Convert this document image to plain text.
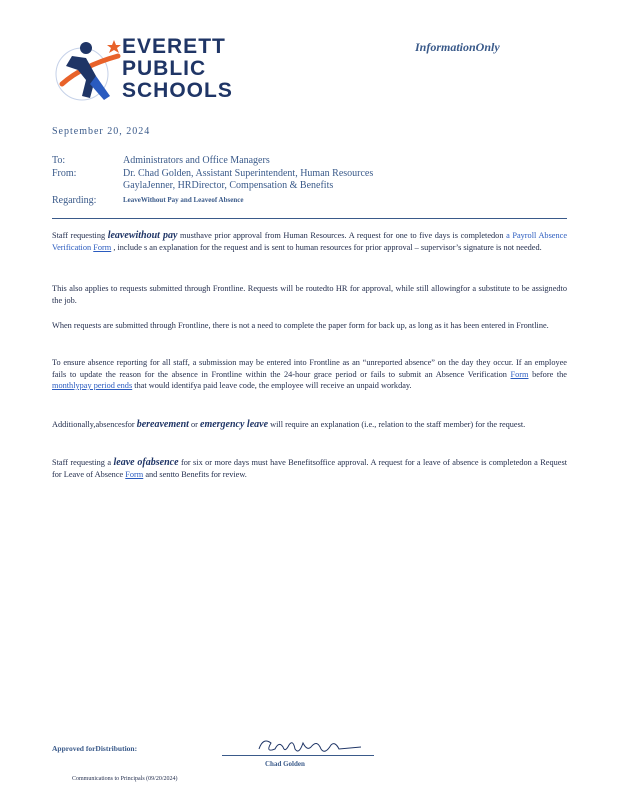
EVERETT
PUBLIC
SCHOOLS
InformationOnly
September 20, 2024
To:	Administrators and Office Managers
From:	Dr. Chad Golden, Assistant Superintendent, Human Resources
GaylaJenner, HRDirector, Compensation & Benefits
Regarding:	LeaveWithout Pay and Leaveof Absence
Staff requesting leavewithout pay musthave prior approval from Human Resources. A request for one to five days is completedon a Payroll Absence Verification Form , include s an explanation for the request and is sent to human resources for prior approval – supervisor’s signature is not needed.
This also applies to requests submitted through Frontline. Requests will be routedto HR for approval, while still allowingfor a substitute to be assignedto the job.
When requests are submitted through Frontline, there is not a need to complete the paper form for back up, as long as it has been entered in Frontline.
To ensure absence reporting for all staff, a submission may be entered into Frontline as an “unreported absence” on the day they occur. If an employee fails to update the reason for the absence in Frontline within the 24-hour grace period or fails to submit an Absence Verification Form before the monthlypay period ends that would identifya paid leave code, the employee will receive an unpaid workday.
Additionally,absencesfor bereavement or emergency leave will require an explanation (i.e., relation to the staff member) for the request.
Staff requesting a leave ofabsence for six or more days must have Benefitsoffice approval. A request for a leave of absence is completedon a Request for Leave of Absence Form and sentto Benefits for review.
Approved forDistribution:
Chad Golden
Communications to Principals (09/20/2024)
